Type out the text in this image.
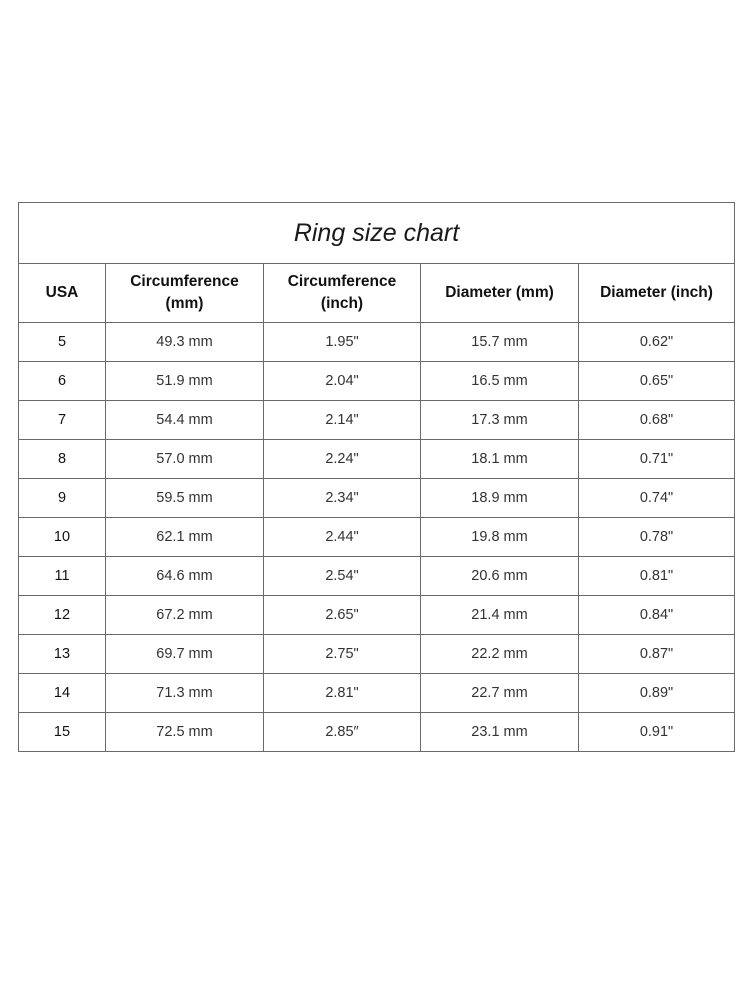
Ring size chart				
USA	Circumference (mm)	Circumference (inch)	Diameter (mm)	Diameter (inch)
5	49.3 mm	1.95"	15.7 mm	0.62"
6	51.9 mm	2.04"	16.5 mm	0.65"
7	54.4 mm	2.14"	17.3 mm	0.68"
8	57.0 mm	2.24"	18.1 mm	0.71"
9	59.5 mm	2.34"	18.9 mm	0.74"
10	62.1 mm	2.44"	19.8 mm	0.78"
11	64.6 mm	2.54"	20.6 mm	0.81"
12	67.2 mm	2.65"	21.4 mm	0.84"
13	69.7 mm	2.75"	22.2 mm	0.87"
14	71.3 mm	2.81"	22.7 mm	0.89"
15	72.5 mm	2.85″	23.1 mm	0.91"
